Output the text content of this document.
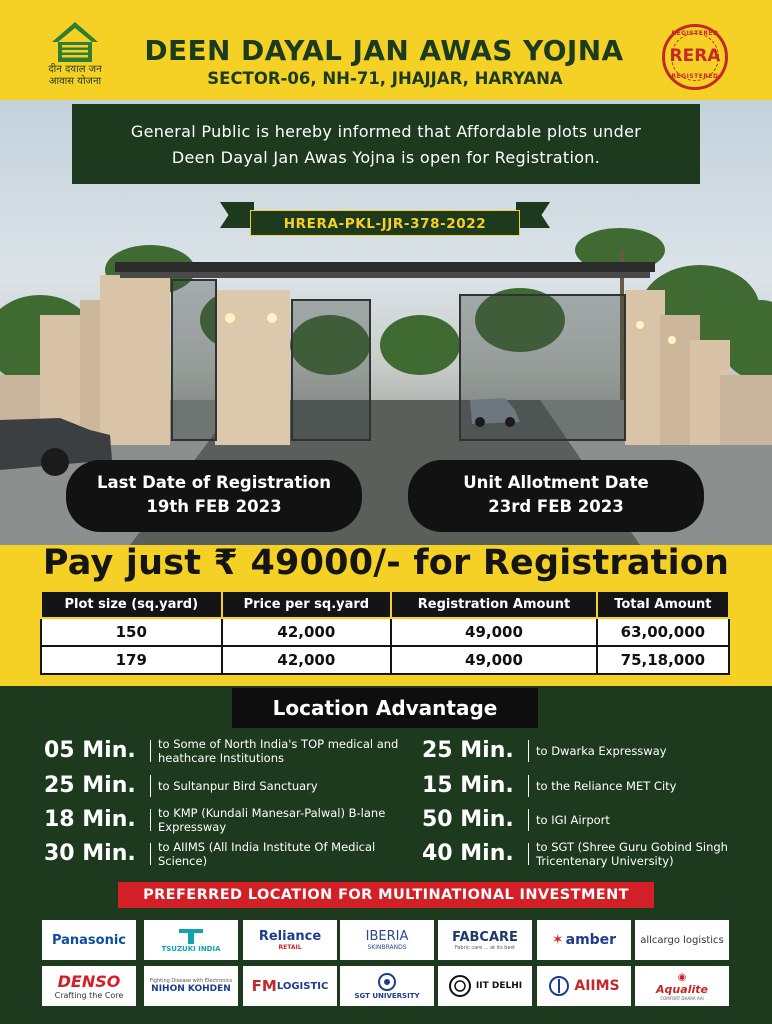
दीन दयाल जन
आवास योजना
DEEN DAYAL JAN AWAS YOJNA
SECTOR-06, NH-71, JHAJJAR, HARYANA
REGISTERED
RERA
REGISTERED
General Public is hereby informed that Affordable plots under
Deen Dayal Jan Awas Yojna is open for Registration.
HRERA-PKL-JJR-378-2022
Last Date of Registration
19th FEB 2023
Unit Allotment Date
23rd FEB 2023
Pay just ₹ 49000/- for Registration
Plot size (sq.yard)	Price per sq.yard	Registration Amount	Total Amount
150	42,000	49,000	63,00,000
179	42,000	49,000	75,18,000
Location Advantage
05 Min.	to Some of North India's TOP medical and heathcare Institutions
25 Min.	to Sultanpur Bird Sanctuary
18 Min.	to KMP (Kundali Manesar-Palwal) B-lane Expressway
30 Min.	to AIIMS (All India Institute Of Medical Science)
25 Min.	to Dwarka Expressway
15 Min.	to the Reliance MET City
50 Min.	to IGI Airport
40 Min.	to SGT (Shree Guru Gobind Singh Tricentenary University)
PREFERRED LOCATION FOR MULTINATIONAL INVESTMENT
Panasonic
TSUZUKI INDIA
Reliance
RETAIL
IBERIA
SKINBRANDS
FABCARE
Fabric care ... at its best	✶ amber	allcargo logistics
DENSO
Crafting the Core
Fighting Disease with Electronics
NIHON KOHDEN FM LOGISTIC
SGT UNIVERSITY
IIT DELHI	AIIMS
◉
Aqualite
COMFORT DHARA AAI
